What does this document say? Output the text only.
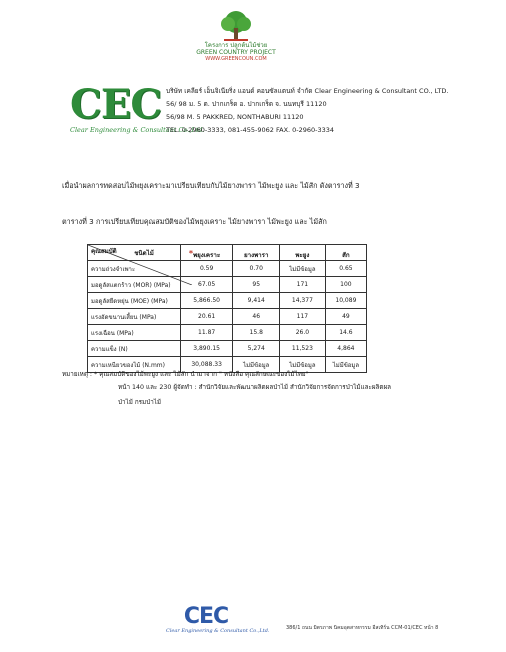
โครงการ ปลูกต้นไม้ช่วย
GREEN COUNTRY PROJECT
WWW.GREENCOUN.COM
CEC
Clear Engineering & Consultant Co.,Ltd.
บริษัท เคลียร์ เอ็นจิเนียริ่ง แอนด์ คอนซัลแตนท์ จำกัด Clear Engineering & Consultant CO., LTD.
56/ 98 ม. 5 ต. ปากเกร็ด อ. ปากเกร็ด จ. นนทบุรี 11120
56/98 M. 5 PAKKRED, NONTHABURI 11120
TEL. 0-2960-3333, 081-455-9062 FAX. 0-2960-3334
เมื่อนำผลการทดสอบไม้พยุงเคราะมาเปรียบเทียบกับไม้ยางพารา ไม้พะยูง และ ไม้สัก ดังตารางที่ 3
ตารางที่ 3 การเปรียบเทียบคุณสมบัติของไม้พยุงเคราะ ไม้ยางพารา ไม้พะยูง และ ไม้สัก
ชนิดไม้
คุณสมบัติ	* พยุงเคราะ	ยางพารา	พะยูง	สัก
ความถ่วงจำเพาะ	0.59	0.70	ไม่มีข้อมูล	0.65
มอดูลัสแตกร้าว (MOR) (MPa)	67.05	95	171	100
มอดูลัสยืดหยุ่น (MOE) (MPa)	5,866.50	9,414	14,377	10,089
แรงอัดขนานเสี้ยน (MPa)	20.61	46	117	49
แรงเฉือน (MPa)	11.87	15.8	26.0	14.6
ความแข็ง (N)	3,890.15	5,274	11,523	4,864
ความเหนียวของไม้ (N.mm)	30,088.33	ไม่มีข้อมูล	ไม่มีข้อมูล	ไม่มีข้อมูล
หมายเหตุ : * คุณสมบัติของไม้พะยูง และ ไม้สัก นำมาจาก " หนังสือ คุณลักษณะของไม้ไทย"
หน้า 140 และ 230 ผู้จัดทำ : สำนักวิจัยและพัฒนาผลิตผลป่าไม้ สำนักวิจัยการจัดการป่าไม้และผลิตผล
ป่าไม้ กรมป่าไม้
CEC
Clear Engineering & Consultant Co.,Ltd.	386/1 ถนน มิตรภาพ นิคมอุตสาหกรรม อีสเทิร์น CCM-01/CEC หน้า 8
